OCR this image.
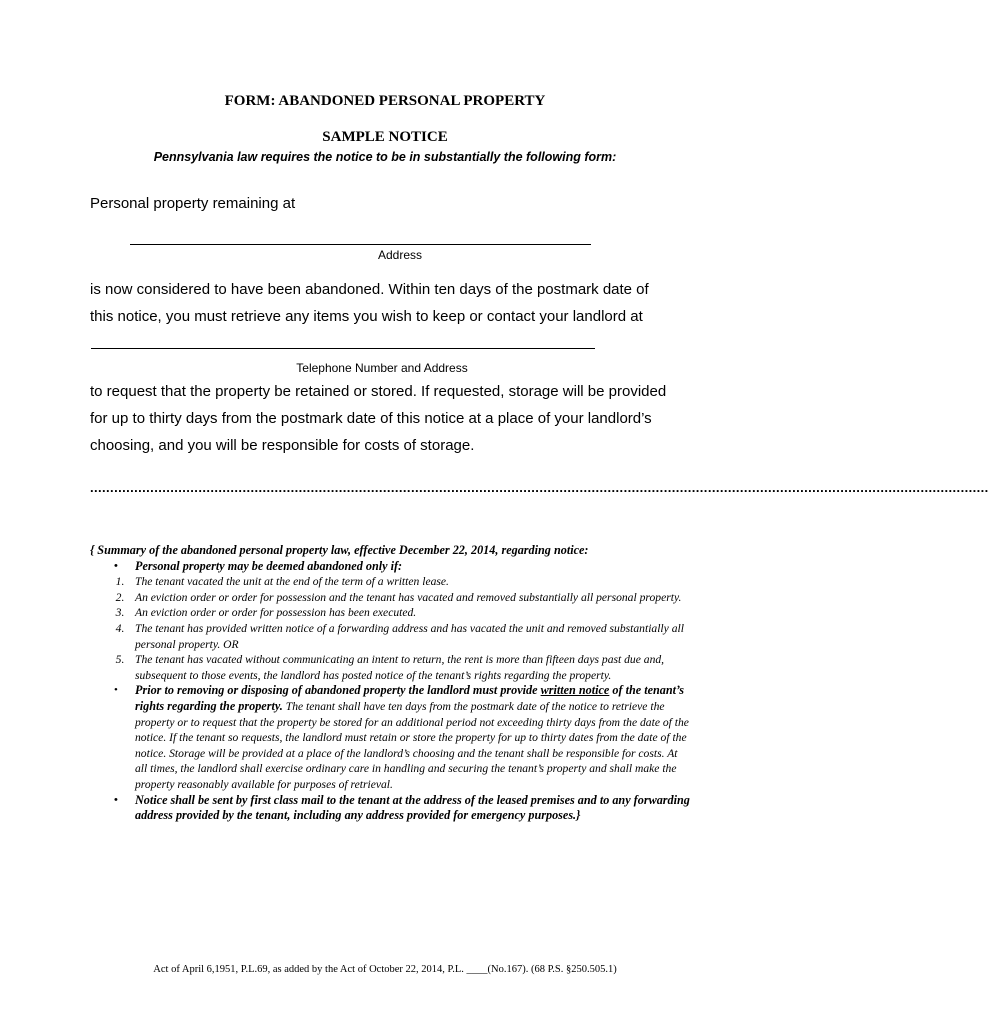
FORM: ABANDONED PERSONAL PROPERTY
SAMPLE NOTICE
Pennsylvania law requires the notice to be in substantially the following form:
Personal property remaining at
Address
is now considered to have been abandoned. Within ten days of the postmark date of
this notice, you must retrieve any items you wish to keep or contact your landlord at
Telephone Number and Address
to request that the property be retained or stored. If requested, storage will be provided
for up to thirty days from the postmark date of this notice at a place of your landlord’s
choosing, and you will be responsible for costs of storage.
................................................................................................................................................................................................................................
{ Summary of the abandoned personal property law, effective December 22, 2014, regarding notice:
• Personal property may be deemed abandoned only if:
1. The tenant vacated the unit at the end of the term of a written lease.
2. An eviction order or order for possession and the tenant has vacated and removed substantially all personal property.
3. An eviction order or order for possession has been executed.
4. The tenant has provided written notice of a forwarding address and has vacated the unit and removed substantially all personal property. OR
5. The tenant has vacated without communicating an intent to return, the rent is more than fifteen days past due and, subsequent to those events, the landlord has posted notice of the tenant’s rights regarding the property.
• Prior to removing or disposing of abandoned property the landlord must provide written notice of the tenant’s rights regarding the property. The tenant shall have ten days from the postmark date of the notice to retrieve the property or to request that the property be stored for an additional period not exceeding thirty days from the date of the notice. If the tenant so requests, the landlord must retain or store the property for up to thirty dates from the date of the notice. Storage will be provided at a place of the landlord’s choosing and the tenant shall be responsible for costs. At all times, the landlord shall exercise ordinary care in handling and securing the tenant’s property and shall make the property reasonably available for purposes of retrieval.
• Notice shall be sent by first class mail to the tenant at the address of the leased premises and to any forwarding address provided by the tenant, including any address provided for emergency purposes.}
Act of April 6,1951, P.L.69, as added by the Act of October 22, 2014, P.L. ____(No.167). (68 P.S. §250.505.1)
